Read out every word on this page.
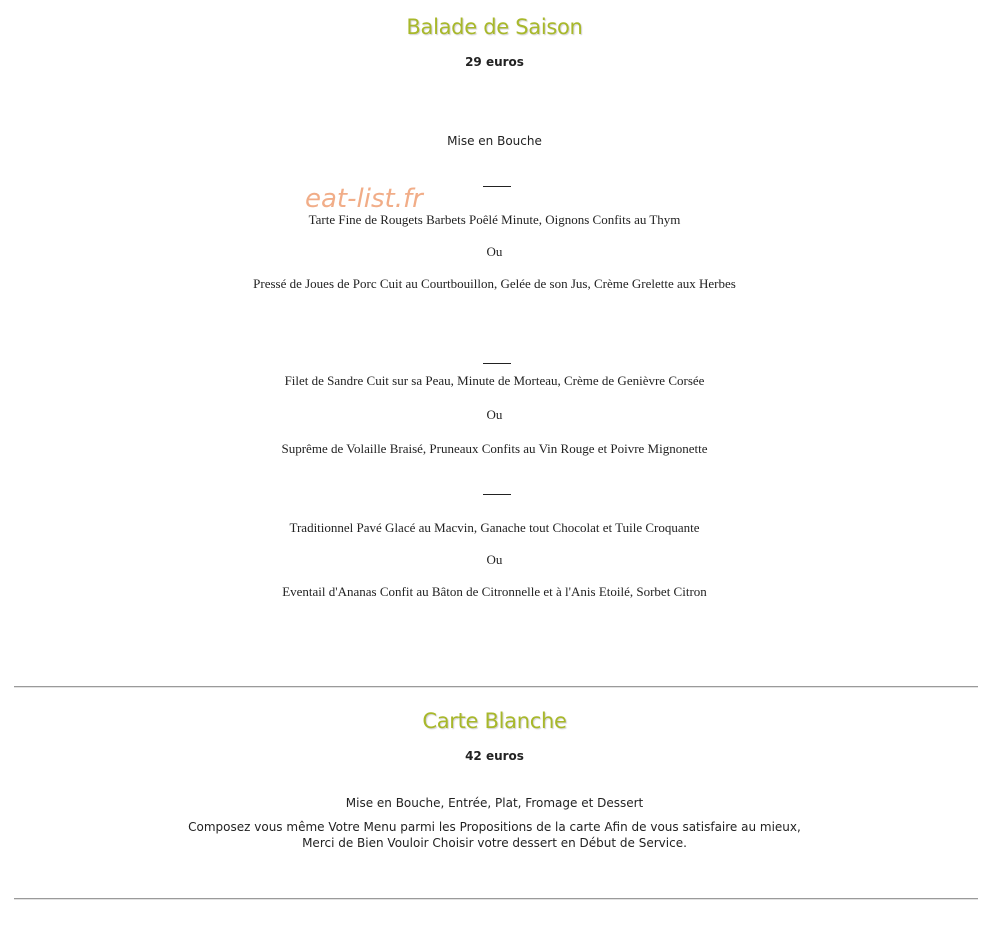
Balade de Saison
29 euros
Mise en Bouche
eat-list.fr
Tarte Fine de Rougets Barbets Poêlé Minute, Oignons Confits au Thym
Ou
Pressé de Joues de Porc Cuit au Courtbouillon, Gelée de son Jus, Crème Grelette aux Herbes
Filet de Sandre Cuit sur sa Peau, Minute de Morteau, Crème de Genièvre Corsée
Ou
Suprême de Volaille Braisé, Pruneaux Confits au Vin Rouge et Poivre Mignonette
Traditionnel Pavé Glacé au Macvin, Ganache tout Chocolat et Tuile Croquante
Ou
Eventail d'Ananas Confit au Bâton de Citronnelle et à l'Anis Etoilé, Sorbet Citron
Carte Blanche
42 euros
Mise en Bouche, Entrée, Plat, Fromage et Dessert
Composez vous même Votre Menu parmi les Propositions de la carte Afin de vous satisfaire au mieux,
Merci de Bien Vouloir Choisir votre dessert en Début de Service.
